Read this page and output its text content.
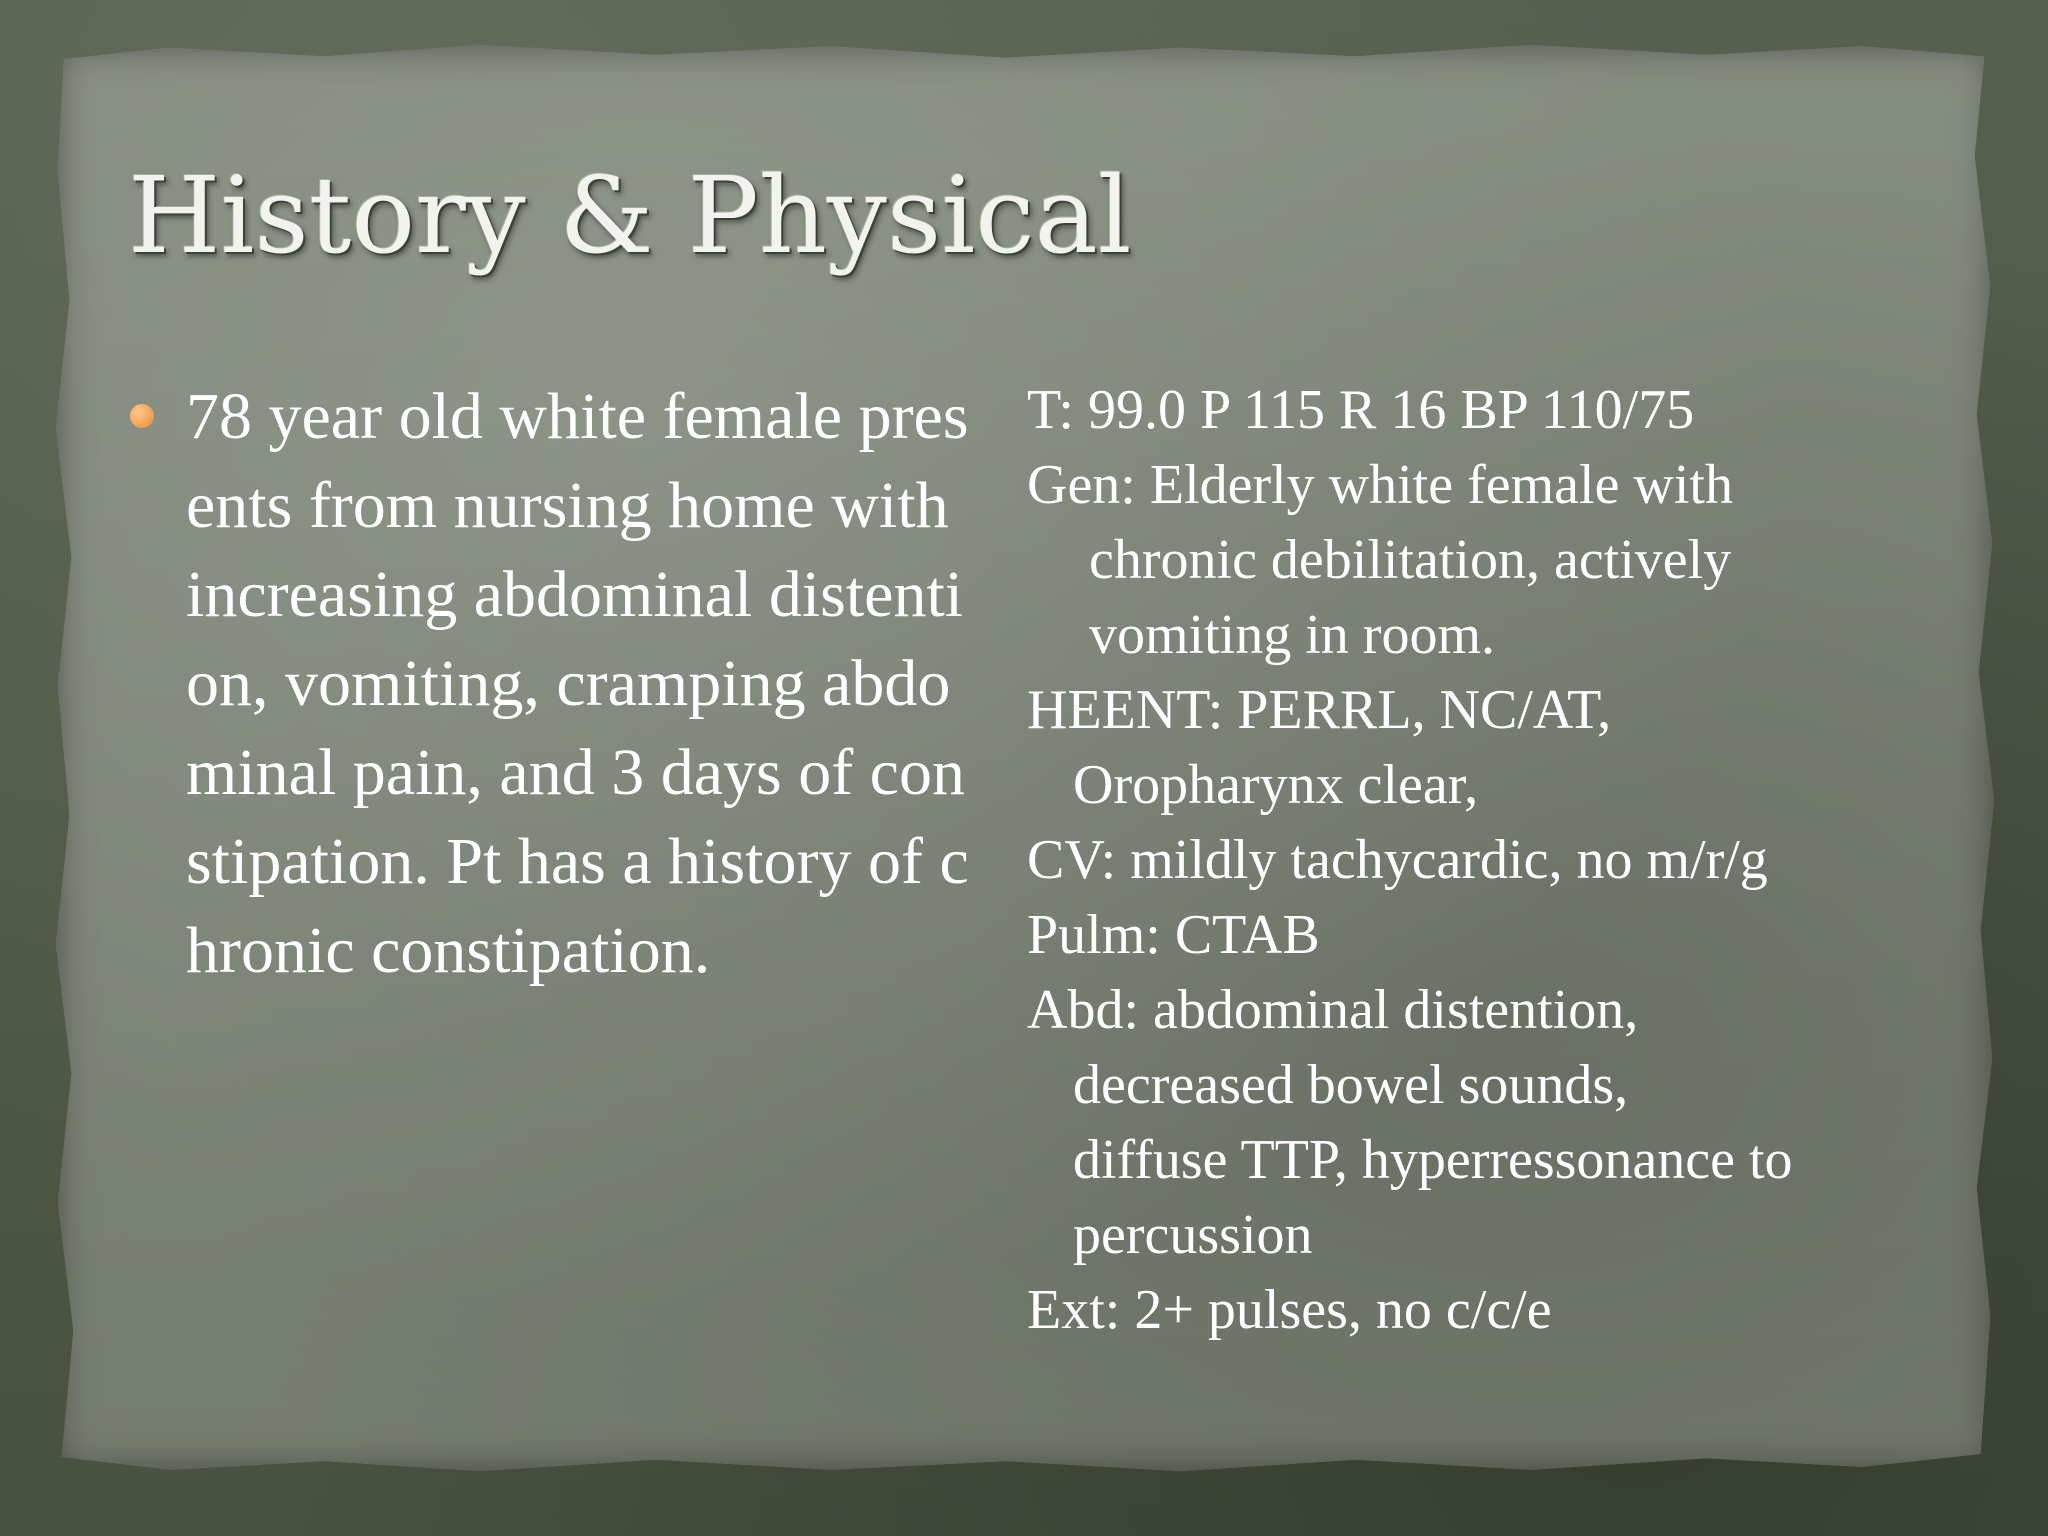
History & Physical
78 year old white female presents from nursing home with increasing abdominal distention, vomiting, cramping abdominal pain, and 3 days of constipation. Pt has a history of chronic constipation.
T: 99.0 P 115 R 16 BP 110/75
Gen: Elderly white female with
chronic debilitation, actively
vomiting in room.
HEENT: PERRL, NC/AT,
Oropharynx clear,
CV: mildly tachycardic, no m/r/g
Pulm: CTAB
Abd: abdominal distention,
decreased bowel sounds,
diffuse TTP, hyperressonance to
percussion
Ext: 2+ pulses, no c/c/e
